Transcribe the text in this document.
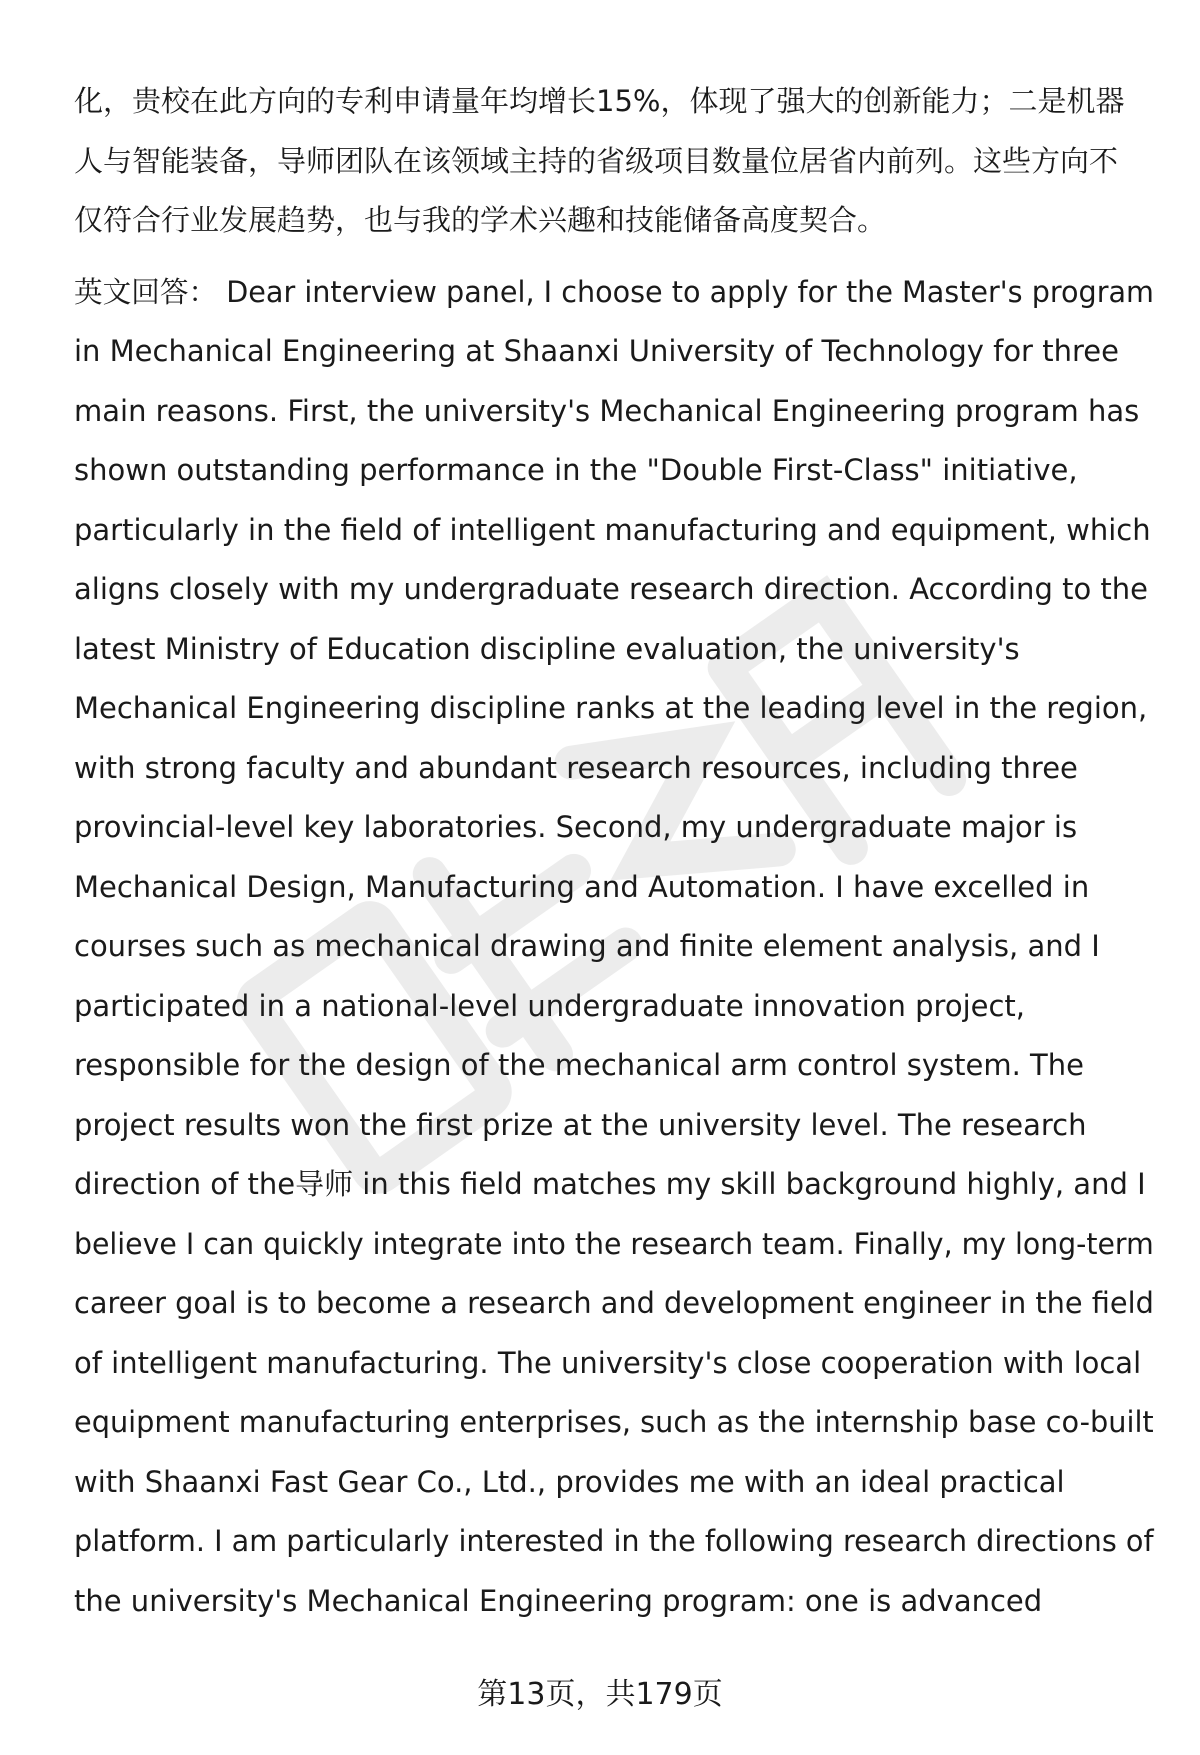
化，贵校在此方向的专利申请量年均增长15%，体现了强大的创新能力；二是机器
人与智能装备，导师团队在该领域主持的省级项目数量位居省内前列。这些方向不
仅符合行业发展趋势，也与我的学术兴趣和技能储备高度契合。

英文回答： Dear interview panel, I choose to apply for the Master's program
in Mechanical Engineering at Shaanxi University of Technology for three
main reasons. First, the university's Mechanical Engineering program has
shown outstanding performance in the "Double First-Class" initiative,
particularly in the field of intelligent manufacturing and equipment, which
aligns closely with my undergraduate research direction. According to the
latest Ministry of Education discipline evaluation, the university's
Mechanical Engineering discipline ranks at the leading level in the region,
with strong faculty and abundant research resources, including three
provincial-level key laboratories. Second, my undergraduate major is
Mechanical Design, Manufacturing and Automation. I have excelled in
courses such as mechanical drawing and finite element analysis, and I
participated in a national-level undergraduate innovation project,
responsible for the design of the mechanical arm control system. The
project results won the first prize at the university level. The research
direction of the导师 in this field matches my skill background highly, and I
believe I can quickly integrate into the research team. Finally, my long-term
career goal is to become a research and development engineer in the field
of intelligent manufacturing. The university's close cooperation with local
equipment manufacturing enterprises, such as the internship base co-built
with Shaanxi Fast Gear Co., Ltd., provides me with an ideal practical
platform. I am particularly interested in the following research directions of
the university's Mechanical Engineering program: one is advanced

第13页，共179页
